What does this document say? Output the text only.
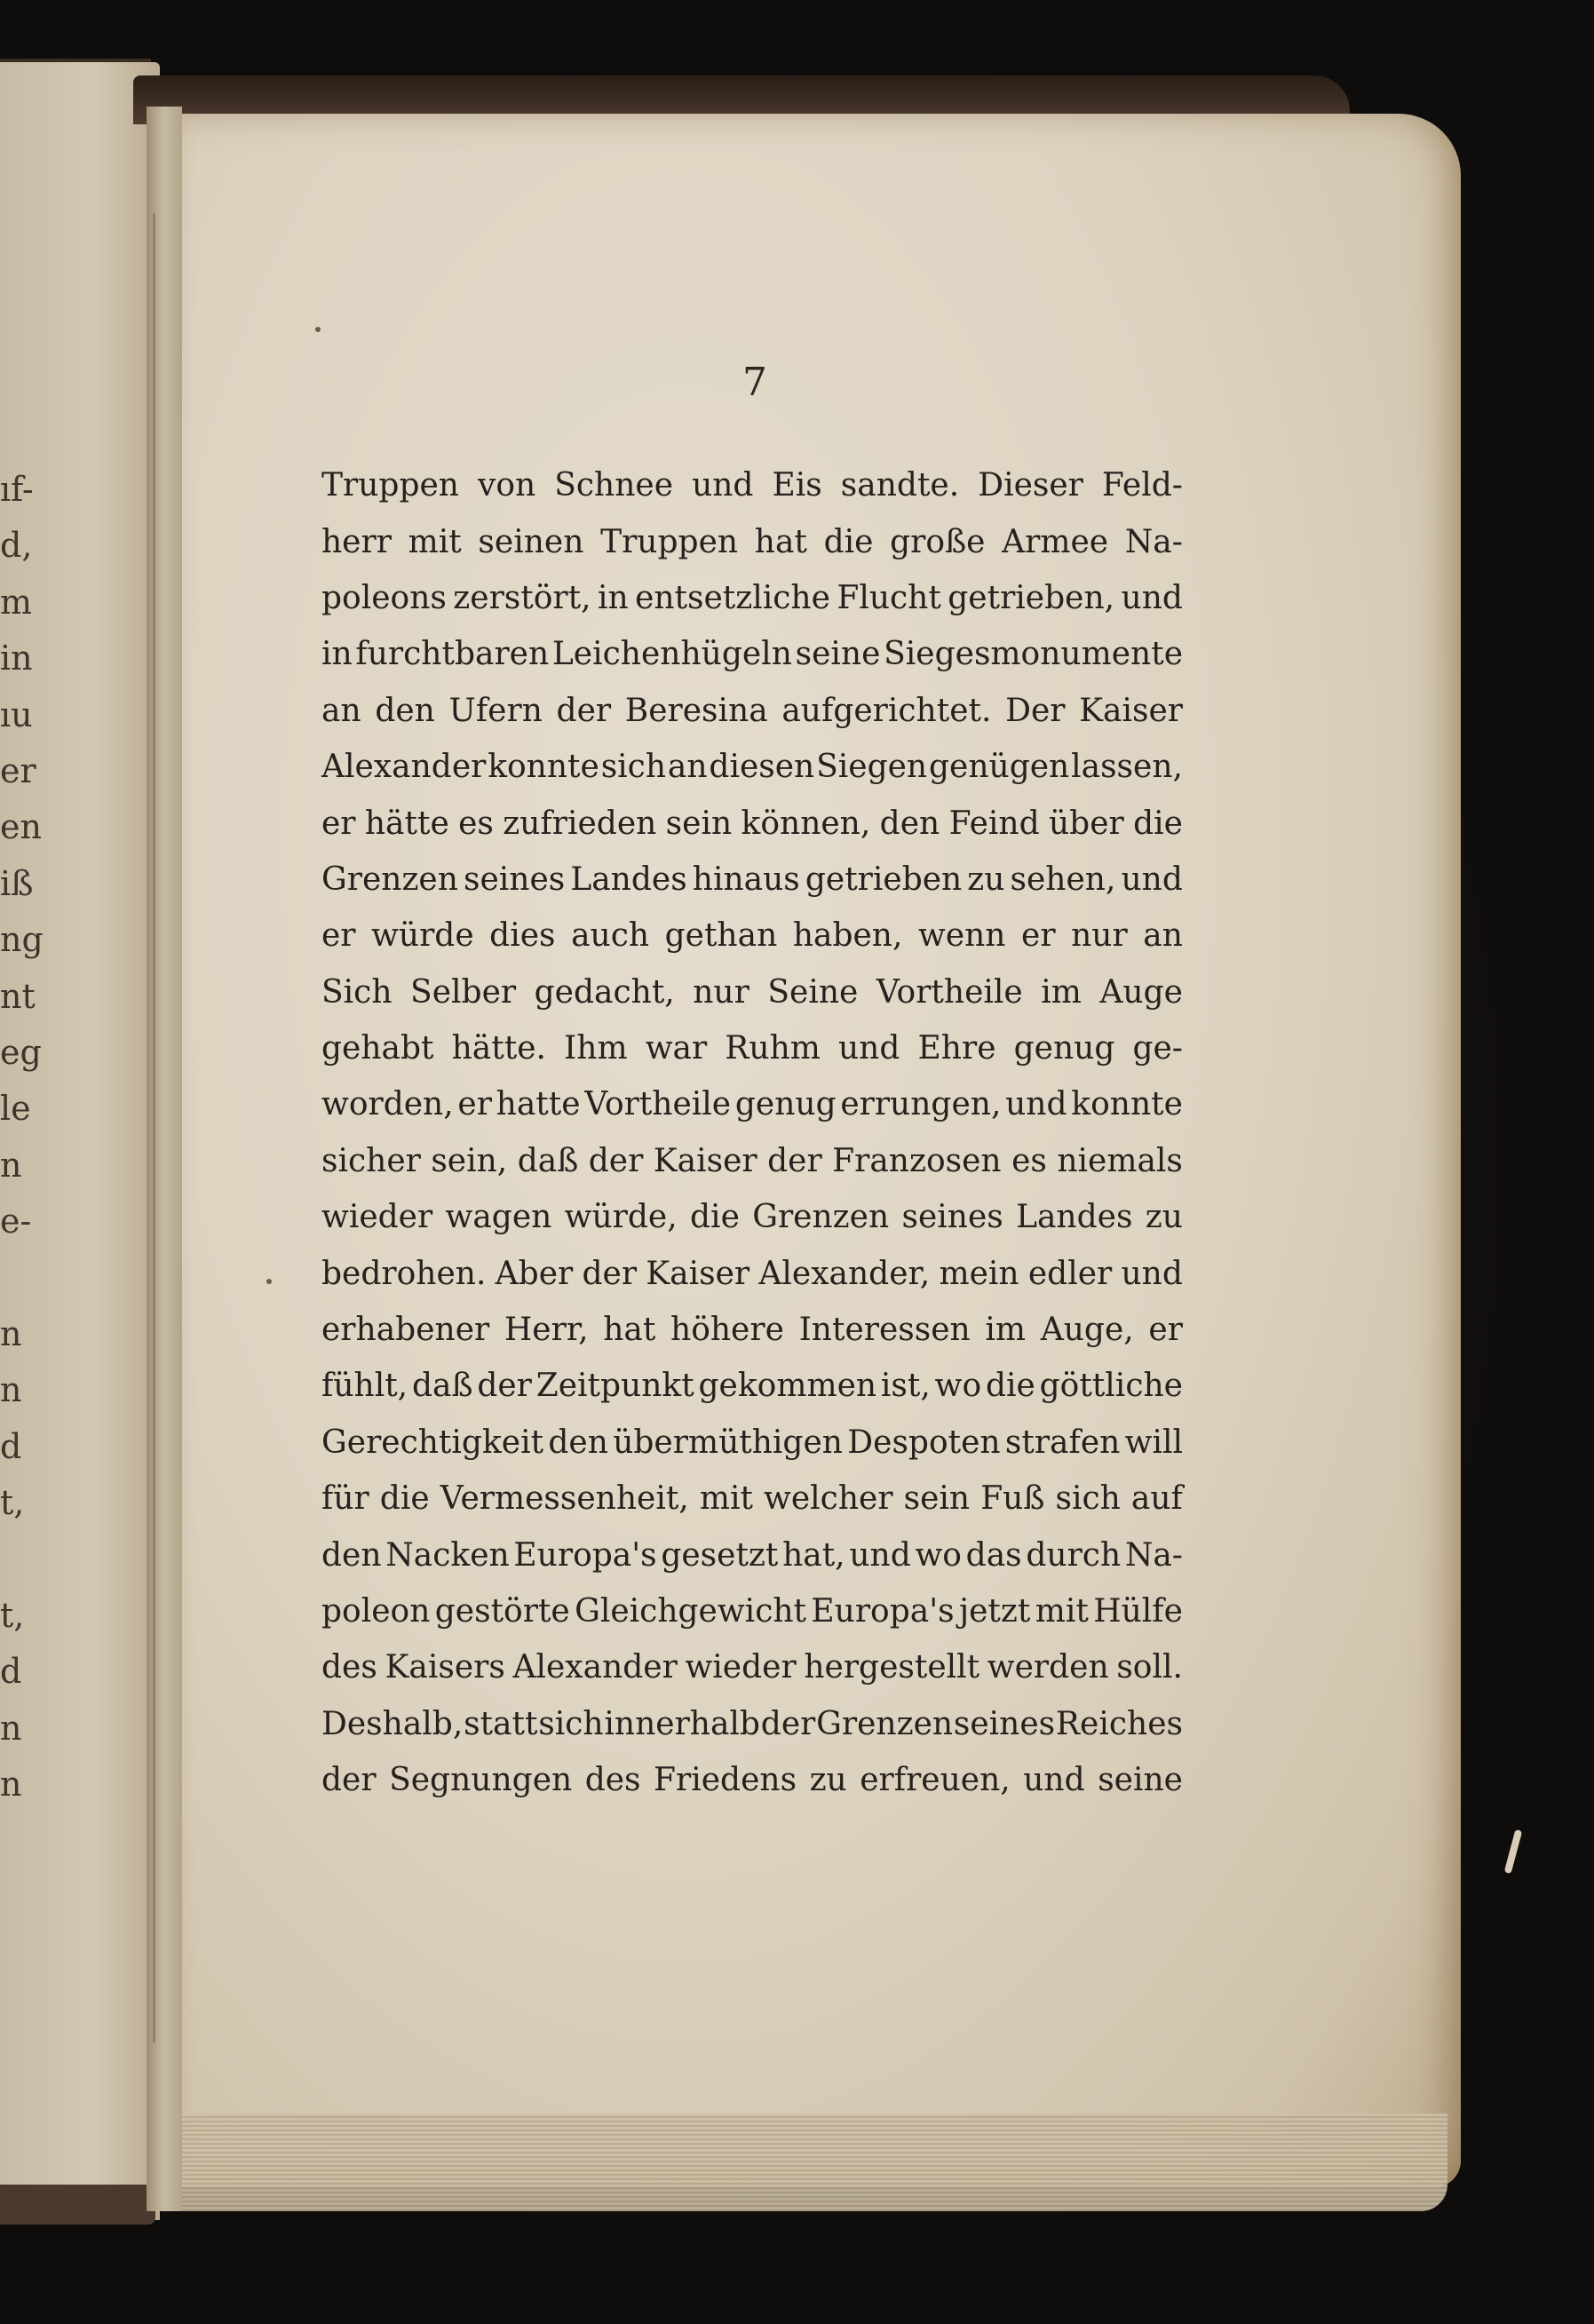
ıf-
d,
m
in
ıu
er
en
iß
ng
nt
eg
le
n
e-
n
n
d
t,
t,
d
n
n
7
Truppen von Schnee und Eis sandte. Dieser Feld-
herr mit seinen Truppen hat die große Armee Na-
poleons zerstört, in entsetzliche Flucht getrieben, und
in furchtbaren Leichenhügeln seine Siegesmonumente
an den Ufern der Beresina aufgerichtet. Der Kaiser
Alexander konnte sich an diesen Siegen genügen lassen,
er hätte es zufrieden sein können, den Feind über die
Grenzen seines Landes hinaus getrieben zu sehen, und
er würde dies auch gethan haben, wenn er nur an
Sich Selber gedacht, nur Seine Vortheile im Auge
gehabt hätte. Ihm war Ruhm und Ehre genug ge-
worden, er hatte Vortheile genug errungen, und konnte
sicher sein, daß der Kaiser der Franzosen es niemals
wieder wagen würde, die Grenzen seines Landes zu
bedrohen. Aber der Kaiser Alexander, mein edler und
erhabener Herr, hat höhere Interessen im Auge, er
fühlt, daß der Zeitpunkt gekommen ist, wo die göttliche
Gerechtigkeit den übermüthigen Despoten strafen will
für die Vermessenheit, mit welcher sein Fuß sich auf
den Nacken Europa's gesetzt hat, und wo das durch Na-
poleon gestörte Gleichgewicht Europa's jetzt mit Hülfe
des Kaisers Alexander wieder hergestellt werden soll.
Deshalb, statt sich innerhalb der Grenzen seines Reiches
der Segnungen des Friedens zu erfreuen, und seine
